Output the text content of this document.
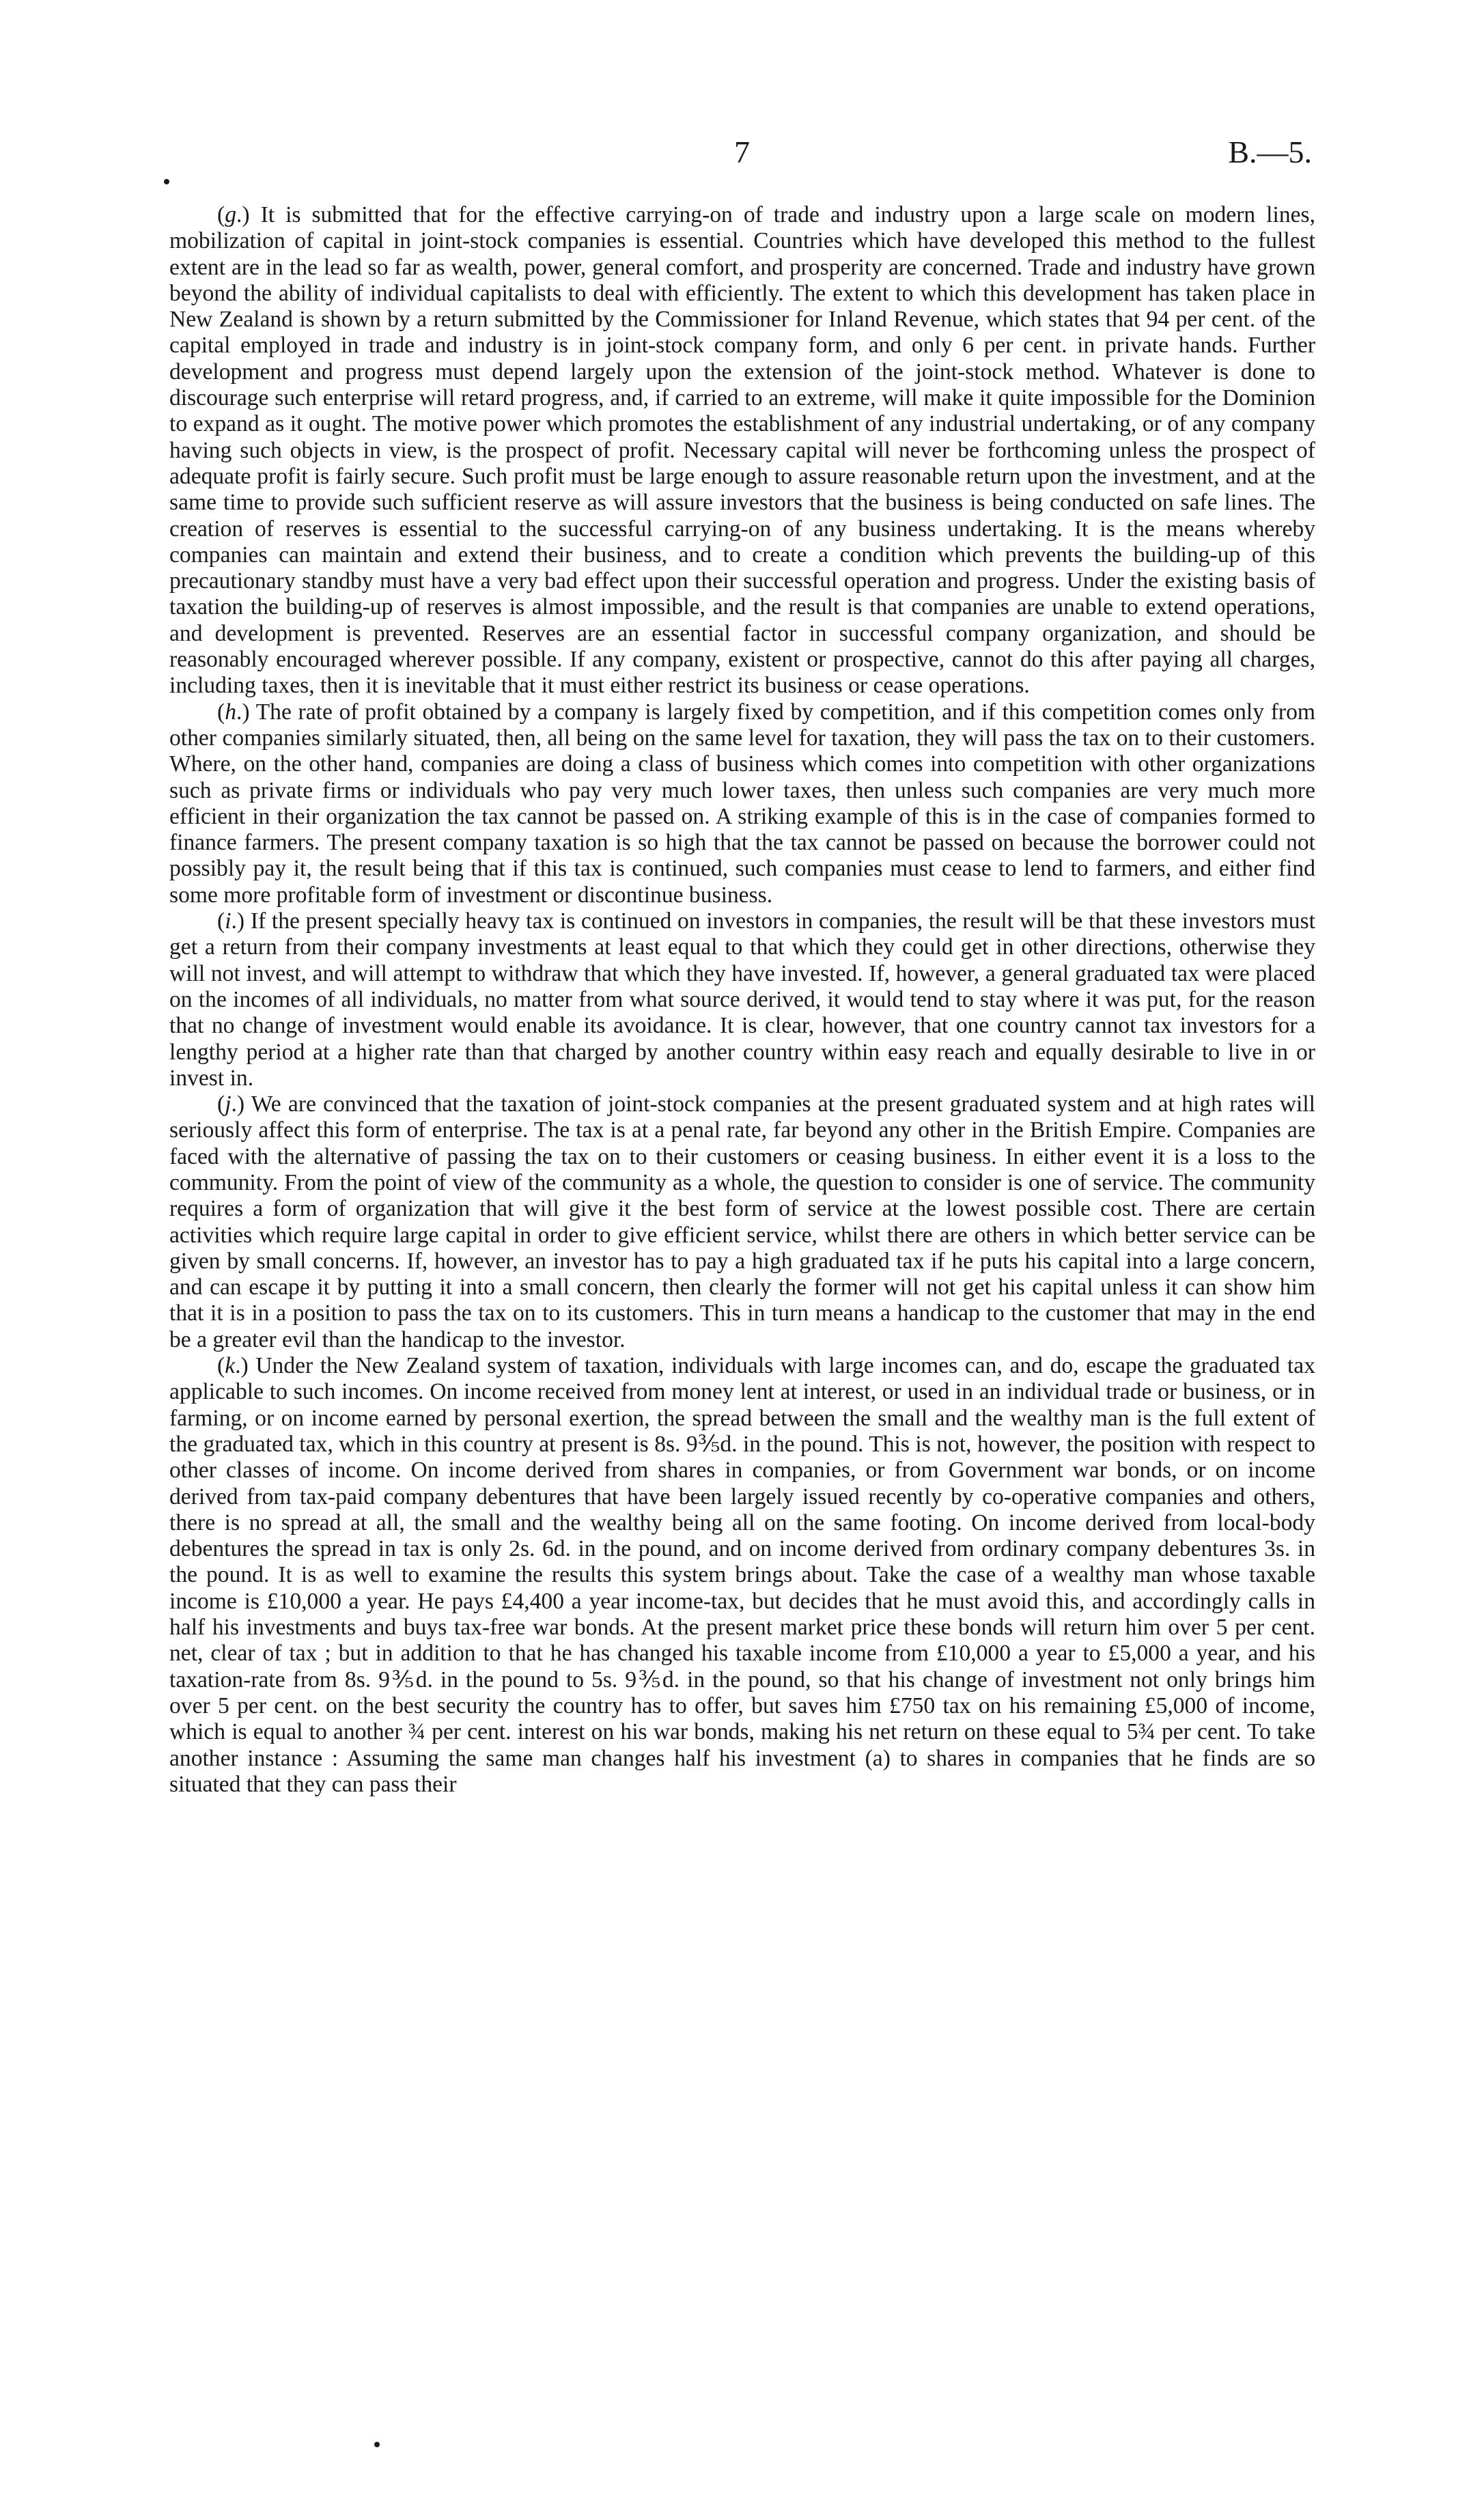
7	B.—5.

(g.) It is submitted that for the effective carrying-on of trade and industry upon a large scale on modern lines, mobilization of capital in joint-stock companies is essential. Countries which have developed this method to the fullest extent are in the lead so far as wealth, power, general comfort, and prosperity are concerned. Trade and industry have grown beyond the ability of individual capitalists to deal with efficiently. The extent to which this development has taken place in New Zealand is shown by a return submitted by the Commissioner for Inland Revenue, which states that 94 per cent. of the capital employed in trade and industry is in joint-stock company form, and only 6 per cent. in private hands. Further development and progress must depend largely upon the extension of the joint-stock method. Whatever is done to discourage such enterprise will retard progress, and, if carried to an extreme, will make it quite impossible for the Dominion to expand as it ought. The motive power which promotes the establishment of any industrial undertaking, or of any company having such objects in view, is the prospect of profit. Necessary capital will never be forthcoming unless the prospect of adequate profit is fairly secure. Such profit must be large enough to assure reasonable return upon the investment, and at the same time to provide such sufficient reserve as will assure investors that the business is being conducted on safe lines. The creation of reserves is essential to the successful carrying-on of any business undertaking. It is the means whereby companies can maintain and extend their business, and to create a condition which prevents the building-up of this precautionary standby must have a very bad effect upon their successful operation and progress. Under the existing basis of taxation the building-up of reserves is almost impossible, and the result is that companies are unable to extend operations, and development is prevented. Reserves are an essential factor in successful company organization, and should be reasonably encouraged wherever possible. If any company, existent or prospective, cannot do this after paying all charges, including taxes, then it is inevitable that it must either restrict its business or cease operations.

(h.) The rate of profit obtained by a company is largely fixed by competition, and if this competition comes only from other companies similarly situated, then, all being on the same level for taxation, they will pass the tax on to their customers. Where, on the other hand, companies are doing a class of business which comes into competition with other organizations such as private firms or individuals who pay very much lower taxes, then unless such companies are very much more efficient in their organization the tax cannot be passed on. A striking example of this is in the case of companies formed to finance farmers. The present company taxation is so high that the tax cannot be passed on because the borrower could not possibly pay it, the result being that if this tax is continued, such companies must cease to lend to farmers, and either find some more profitable form of investment or discontinue business.

(i.) If the present specially heavy tax is continued on investors in companies, the result will be that these investors must get a return from their company investments at least equal to that which they could get in other directions, otherwise they will not invest, and will attempt to withdraw that which they have invested. If, however, a general graduated tax were placed on the incomes of all individuals, no matter from what source derived, it would tend to stay where it was put, for the reason that no change of investment would enable its avoidance. It is clear, however, that one country cannot tax investors for a lengthy period at a higher rate than that charged by another country within easy reach and equally desirable to live in or invest in.

(j.) We are convinced that the taxation of joint-stock companies at the present graduated system and at high rates will seriously affect this form of enterprise. The tax is at a penal rate, far beyond any other in the British Empire. Companies are faced with the alternative of passing the tax on to their customers or ceasing business. In either event it is a loss to the community. From the point of view of the community as a whole, the question to consider is one of service. The community requires a form of organization that will give it the best form of service at the lowest possible cost. There are certain activities which require large capital in order to give efficient service, whilst there are others in which better service can be given by small concerns. If, however, an investor has to pay a high graduated tax if he puts his capital into a large concern, and can escape it by putting it into a small concern, then clearly the former will not get his capital unless it can show him that it is in a position to pass the tax on to its customers. This in turn means a handicap to the customer that may in the end be a greater evil than the handicap to the investor.

(k.) Under the New Zealand system of taxation, individuals with large incomes can, and do, escape the graduated tax applicable to such incomes. On income received from money lent at interest, or used in an individual trade or business, or in farming, or on income earned by personal exertion, the spread between the small and the wealthy man is the full extent of the graduated tax, which in this country at present is 8s. 9⅗d. in the pound. This is not, however, the position with respect to other classes of income. On income derived from shares in companies, or from Government war bonds, or on income derived from tax-paid company debentures that have been largely issued recently by co-operative companies and others, there is no spread at all, the small and the wealthy being all on the same footing. On income derived from local-body debentures the spread in tax is only 2s. 6d. in the pound, and on income derived from ordinary company debentures 3s. in the pound. It is as well to examine the results this system brings about. Take the case of a wealthy man whose taxable income is £10,000 a year. He pays £4,400 a year income-tax, but decides that he must avoid this, and accordingly calls in half his investments and buys tax-free war bonds. At the present market price these bonds will return him over 5 per cent. net, clear of tax ; but in addition to that he has changed his taxable income from £10,000 a year to £5,000 a year, and his taxation-rate from 8s. 9⅗d. in the pound to 5s. 9⅗d. in the pound, so that his change of investment not only brings him over 5 per cent. on the best security the country has to offer, but saves him £750 tax on his remaining £5,000 of income, which is equal to another ¾ per cent. interest on his war bonds, making his net return on these equal to 5¾ per cent. To take another instance : Assuming the same man changes half his investment (a) to shares in companies that he finds are so situated that they can pass their
